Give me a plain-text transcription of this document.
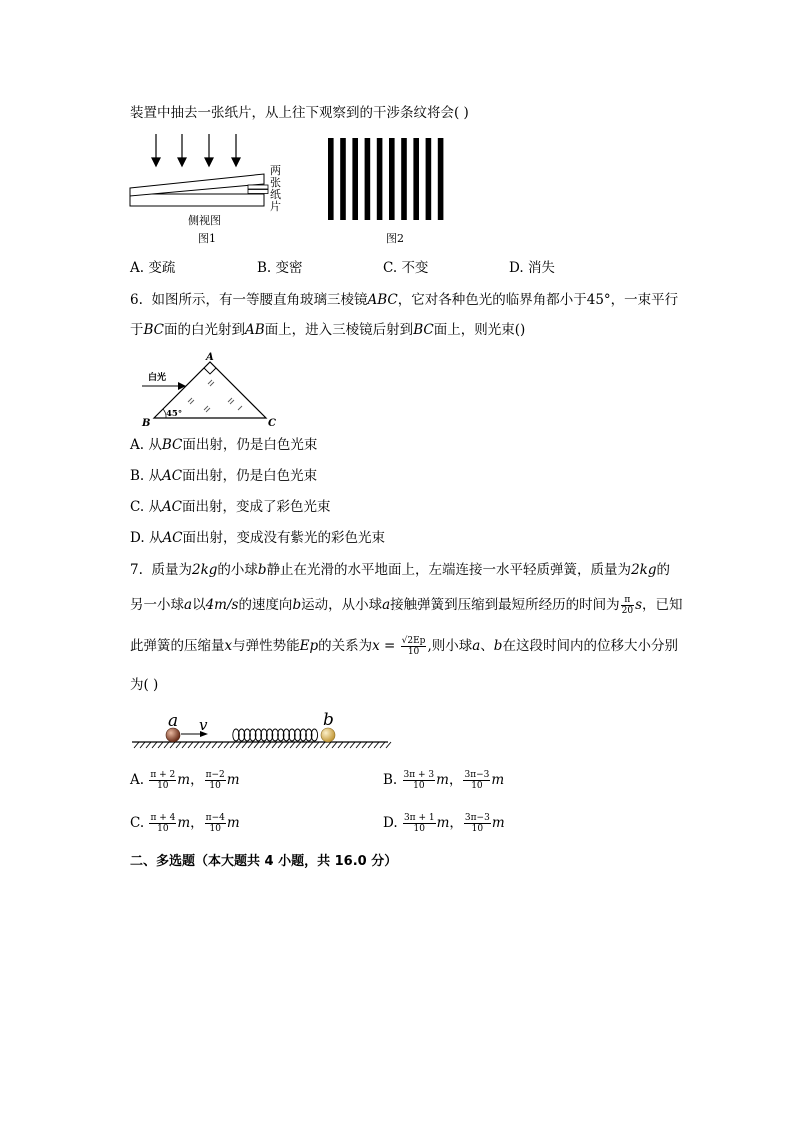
装置中抽去一张纸片，从上往下观察到的干涉条纹将会( )
两
张
纸
片
侧视图
图1	图2
A. 变疏	B. 变密	C. 不变	D. 消失
6. 如图所示，有一等腰直角玻璃三棱镜ABC，它对各种色光的临界角都小于45°，一束平行
于BC面的白光射到AB面上，进入三棱镜后射到BC面上，则光束()
白光
A
B	C
45°
A. 从BC面出射，仍是白色光束
B. 从AC面出射，仍是白色光束
C. 从AC面出射，变成了彩色光束
D. 从AC面出射，变成没有紫光的彩色光束
7. 质量为2kg的小球b静止在光滑的水平地面上，左端连接一水平轻质弹簧，质量为2kg的
另一小球a以4m/s的速度向b运动，从小球a接触弹簧到压缩到最短所经历的时间为 $\frac{\pi}{20}$ s，已知
此弹簧的压缩量x与弹性势能Ep的关系为$x = \frac{√2Ep}{10}$ ,则小球a、b在这段时间内的位移大小分别
为( )
a v	b
A. $\frac{\pi + 2}{10}$ m， $\frac{\pi-2}{10}$ m	B. $\frac{3\pi + 3}{10}$ m， $\frac{3\pi-3}{10}$ m
C. $\frac{\pi + 4}{10}$ m， $\frac{\pi-4}{10}$ m	D. $\frac{3\pi + 1}{10}$ m， $\frac{3\pi-3}{10}$ m
二、多选题（本大题共 4 小题，共 16.0 分）
